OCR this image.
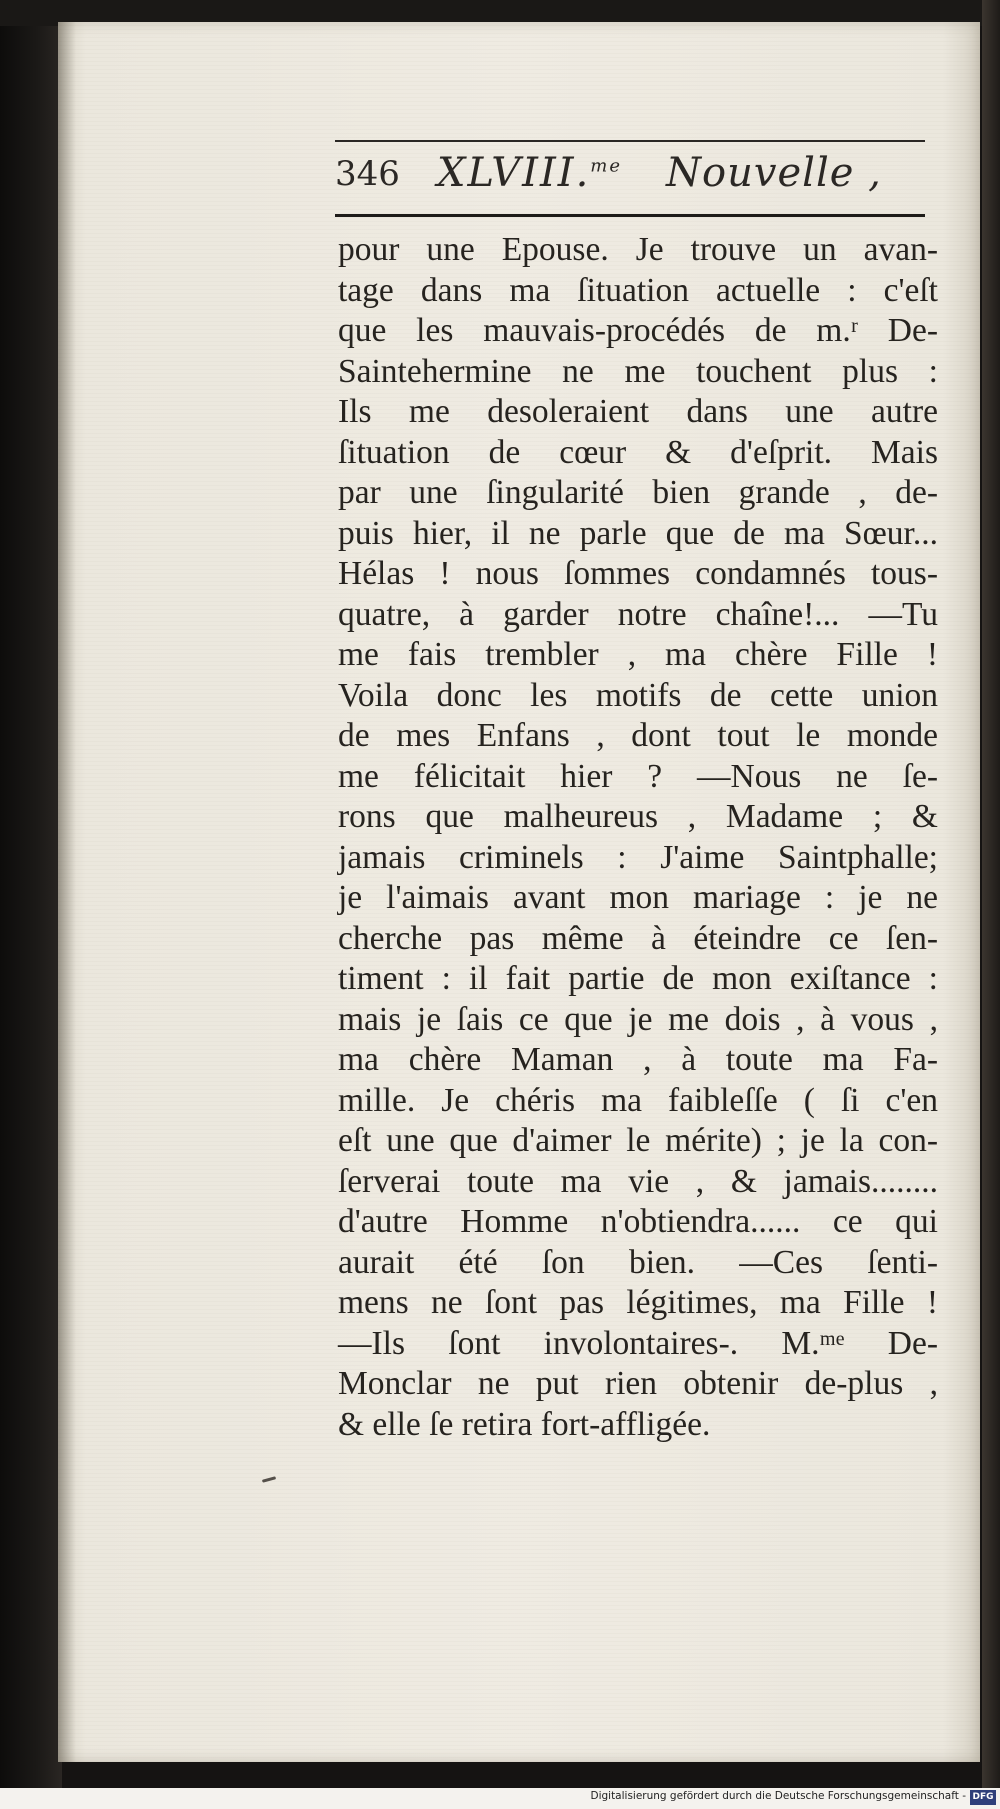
346 XLVIII.$^{me}$ Nouvelle ,
pour une Epouse. Je trouve un avan-
tage dans ma ſituation actuelle : c'eſt
que les mauvais-procédés de m.ʳ De-
Saintehermine ne me touchent plus :
Ils me desoleraient dans une autre
ſituation de cœur & d'eſprit. Mais
par une ſingularité bien grande , de-
puis hier, il ne parle que de ma Sœur...
Hélas ! nous ſommes condamnés tous-
quatre, à garder notre chaîne!... —Tu
me fais trembler , ma chère Fille !
Voila donc les motifs de cette union
de mes Enfans , dont tout le monde
me félicitait hier ? —Nous ne ſe-
rons que malheureus , Madame ; &
jamais criminels : J'aime Saintphalle;
je l'aimais avant mon mariage : je ne
cherche pas même à éteindre ce ſen-
timent : il fait partie de mon exiſtance :
mais je ſais ce que je me dois , à vous ,
ma chère Maman , à toute ma Fa-
mille. Je chéris ma faibleſſe ( ſi c'en
eſt une que d'aimer le mérite) ; je la con-
ſerverai toute ma vie , & jamais........
d'autre Homme n'obtiendra...... ce qui
aurait été ſon bien. —Ces ſenti-
mens ne ſont pas légitimes, ma Fille !
—Ils ſont involontaires-. M.ᵐᵉ De-
Monclar ne put rien obtenir de-plus ,
& elle ſe retira fort-affligée.
Digitalisierung gefördert durch die Deutsche Forschungsgemeinschaft - DFG
